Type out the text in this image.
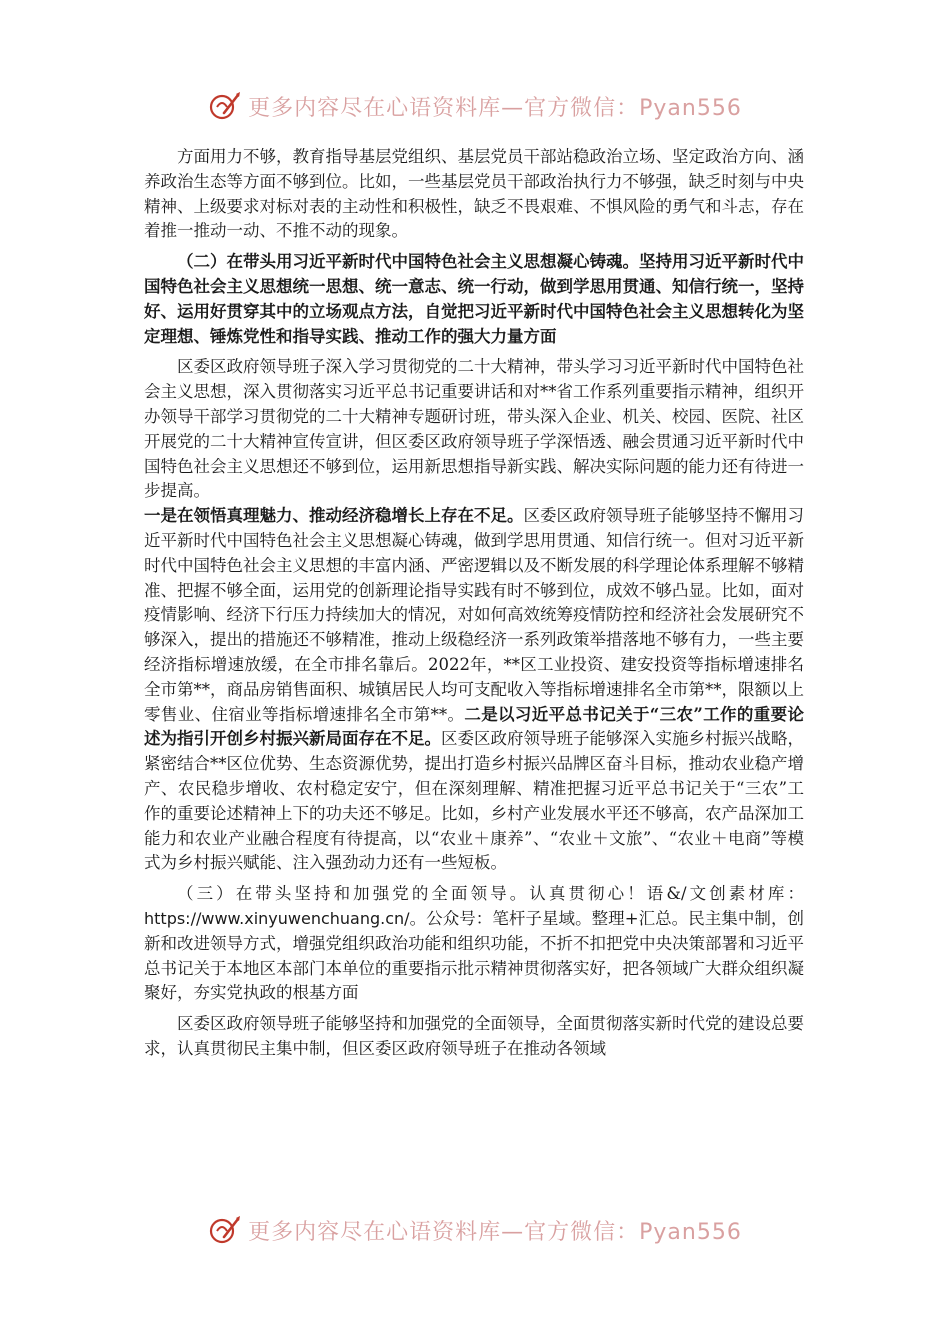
更多内容尽在心语资料库—官方微信：Pyan556

方面用力不够，教育指导基层党组织、基层党员干部站稳政治立场、坚定政治方向、涵养政治生态等方面不够到位。比如，一些基层党员干部政治执行力不够强，缺乏时刻与中央精神、上级要求对标对表的主动性和积极性，缺乏不畏艰难、不惧风险的勇气和斗志，存在着推一推动一动、不推不动的现象。

（二）在带头用习近平新时代中国特色社会主义思想凝心铸魂。坚持用习近平新时代中国特色社会主义思想统一思想、统一意志、统一行动，做到学思用贯通、知信行统一，坚持好、运用好贯穿其中的立场观点方法，自觉把习近平新时代中国特色社会主义思想转化为坚定理想、锤炼党性和指导实践、推动工作的强大力量方面

区委区政府领导班子深入学习贯彻党的二十大精神，带头学习习近平新时代中国特色社会主义思想，深入贯彻落实习近平总书记重要讲话和对**省工作系列重要指示精神，组织开办领导干部学习贯彻党的二十大精神专题研讨班，带头深入企业、机关、校园、医院、社区开展党的二十大精神宣传宣讲，但区委区政府领导班子学深悟透、融会贯通习近平新时代中国特色社会主义思想还不够到位，运用新思想指导新实践、解决实际问题的能力还有待进一步提高。

一是在领悟真理魅力、推动经济稳增长上存在不足。区委区政府领导班子能够坚持不懈用习近平新时代中国特色社会主义思想凝心铸魂，做到学思用贯通、知信行统一。但对习近平新时代中国特色社会主义思想的丰富内涵、严密逻辑以及不断发展的科学理论体系理解不够精准、把握不够全面，运用党的创新理论指导实践有时不够到位，成效不够凸显。比如，面对疫情影响、经济下行压力持续加大的情况，对如何高效统筹疫情防控和经济社会发展研究不够深入，提出的措施还不够精准，推动上级稳经济一系列政策举措落地不够有力，一些主要经济指标增速放缓，在全市排名靠后。2022年，**区工业投资、建安投资等指标增速排名全市第**，商品房销售面积、城镇居民人均可支配收入等指标增速排名全市第**，限额以上零售业、住宿业等指标增速排名全市第**。二是以习近平总书记关于“三农”工作的重要论述为指引开创乡村振兴新局面存在不足。区委区政府领导班子能够深入实施乡村振兴战略，紧密结合**区位优势、生态资源优势，提出打造乡村振兴品牌区奋斗目标，推动农业稳产增产、农民稳步增收、农村稳定安宁，但在深刻理解、精准把握习近平总书记关于“三农”工作的重要论述精神上下的功夫还不够足。比如，乡村产业发展水平还不够高，农产品深加工能力和农业产业融合程度有待提高，以“农业＋康养”、“农业＋文旅”、“农业＋电商”等模式为乡村振兴赋能、注入强劲动力还有一些短板。

（三）在带头坚持和加强党的全面领导。认真贯彻心！语&/文创素材库：https://www.xinyuwenchuang.cn/。公众号：笔杆子星域。整理+汇总。民主集中制，创新和改进领导方式，增强党组织政治功能和组织功能，不折不扣把党中央决策部署和习近平总书记关于本地区本部门本单位的重要指示批示精神贯彻落实好，把各领域广大群众组织凝聚好，夯实党执政的根基方面

区委区政府领导班子能够坚持和加强党的全面领导，全面贯彻落实新时代党的建设总要求，认真贯彻民主集中制，但区委区政府领导班子在推动各领域

更多内容尽在心语资料库—官方微信：Pyan556
